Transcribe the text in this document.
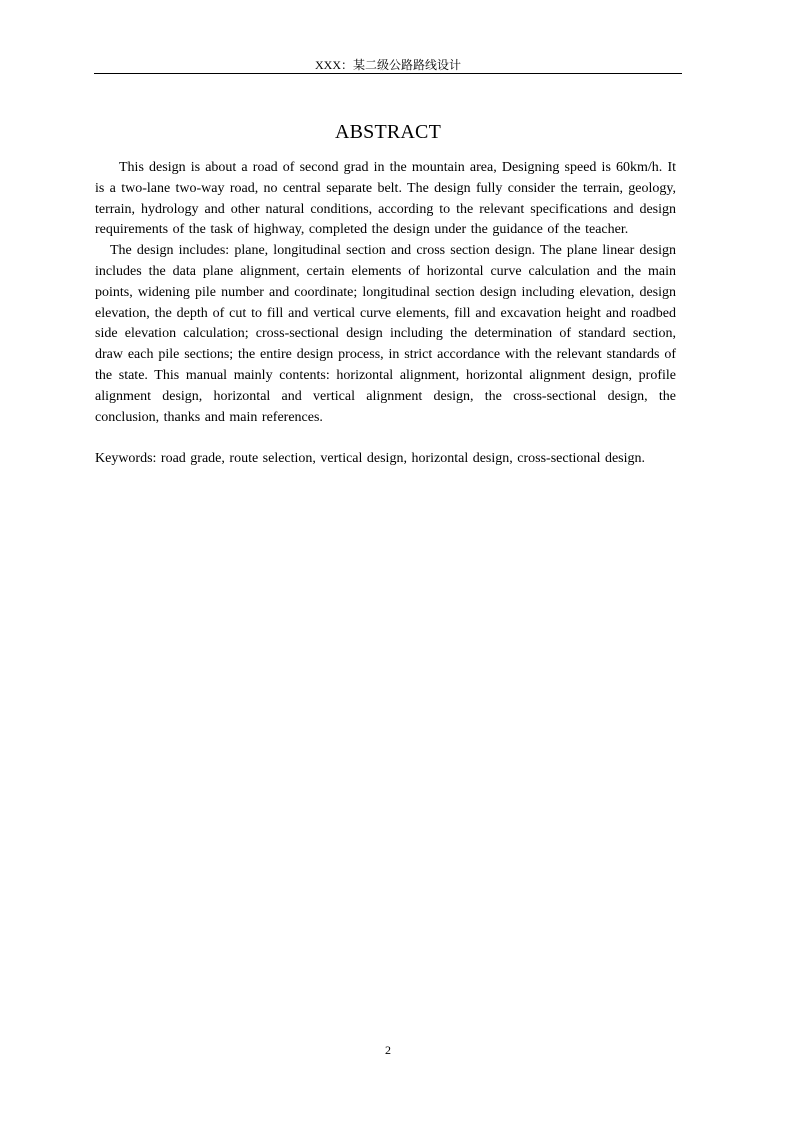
XXX：某二级公路路线设计
ABSTRACT

This design is about a road of second grad in the mountain area, Designing speed is 60km/h. It is a two-lane two-way road, no central separate belt. The design fully consider the terrain, geology, terrain, hydrology and other natural conditions, according to the relevant specifications and design requirements of the task of highway, completed the design under the guidance of the teacher.

The design includes: plane, longitudinal section and cross section design. The plane linear design includes the data plane alignment, certain elements of horizontal curve calculation and the main points, widening pile number and coordinate; longitudinal section design including elevation, design elevation, the depth of cut to fill and vertical curve elements, fill and excavation height and roadbed side elevation calculation; cross-sectional design including the determination of standard section, draw each pile sections; the entire design process, in strict accordance with the relevant standards of the state. This manual mainly contents: horizontal alignment, horizontal alignment design, profile alignment design, horizontal and vertical alignment design, the cross-sectional design, the conclusion, thanks and main references.

Keywords: road grade, route selection, vertical design, horizontal design, cross-sectional design.

2
